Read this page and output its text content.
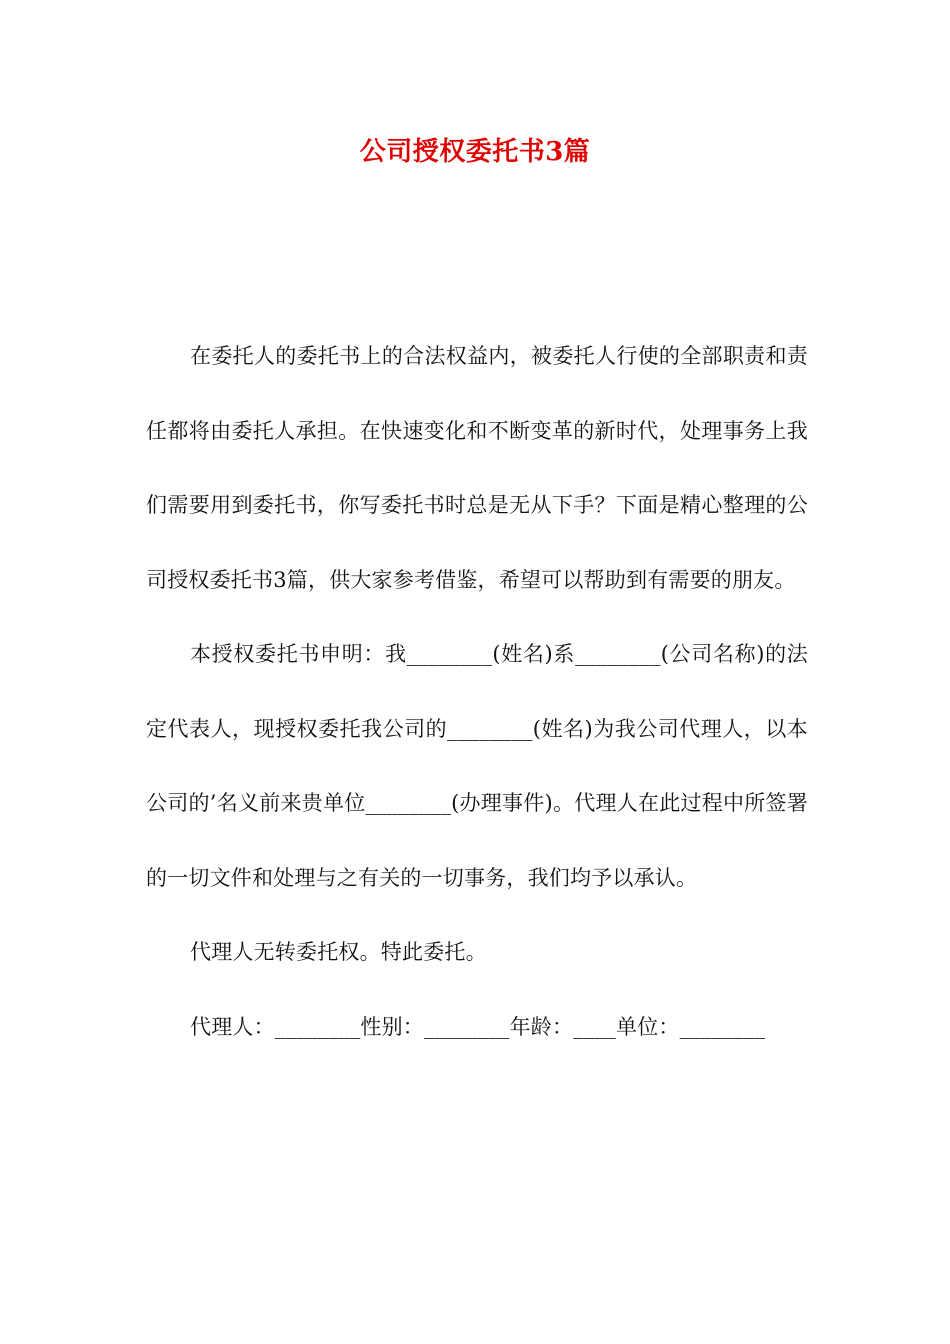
公司授权委托书3篇

在委托人的委托书上的合法权益内，被委托人行使的全部职责和责任都将由委托人承担。在快速变化和不断变革的新时代，处理事务上我们需要用到委托书，你写委托书时总是无从下手？下面是精心整理的公司授权委托书3篇，供大家参考借鉴，希望可以帮助到有需要的朋友。

本授权委托书申明：我________(姓名)系________(公司名称)的法定代表人，现授权委托我公司的________(姓名)为我公司代理人，以本公司的’名义前来贵单位________(办理事件)。代理人在此过程中所签署的一切文件和处理与之有关的一切事务，我们均予以承认。

代理人无转委托权。特此委托。

代理人：________性别：________年龄：____单位：________
